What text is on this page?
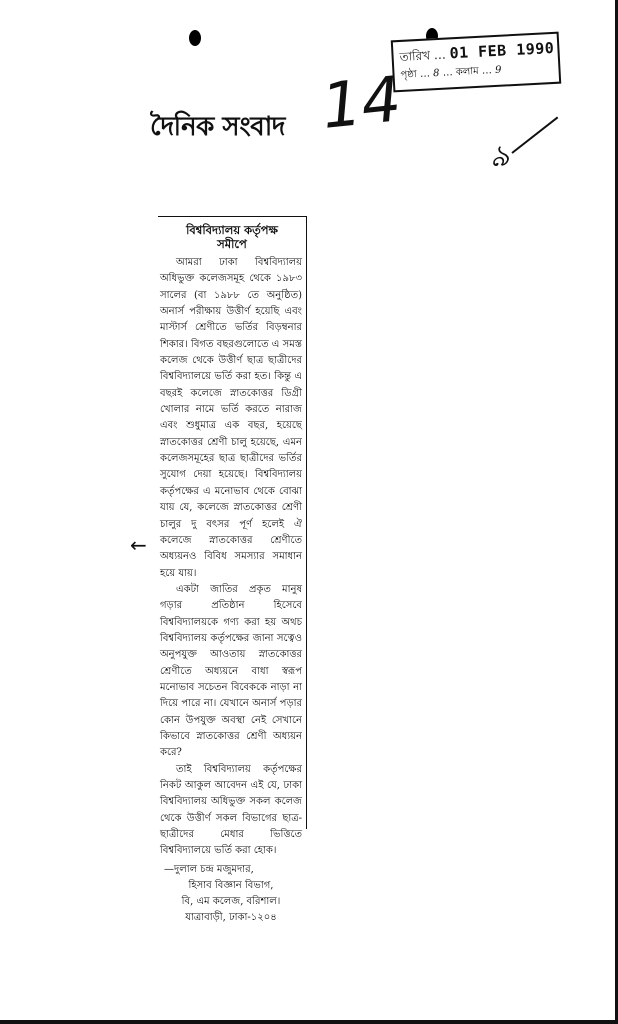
তারিখ … 01 FEB 1990
পৃষ্ঠা … 8 … কলাম … 9
দৈনিক সংবাদ 14
৯
←
বিশ্ববিদ্যালয় কর্তৃপক্ষ
সমীপে

আমরা ঢাকা বিশ্ববিদ্যালয় অধিভুক্ত কলেজসমূহ থেকে ১৯৮৩ সালের (বা ১৯৮৮ তে অনুষ্ঠিত) অনার্স পরীক্ষায় উত্তীর্ণ হয়েছি এবং মাস্টার্স শ্রেণীতে ভর্তির বিড়ম্বনার শিকার। বিগত বছরগুলোতে এ সমস্ত কলেজ থেকে উত্তীর্ণ ছাত্র ছাত্রীদের বিশ্ববিদ্যালয়ে ভর্তি করা হত। কিন্তু এ বছরই কলেজে স্নাতকোত্তর ডিগ্রী খোলার নামে ভর্তি করতে নারাজ এবং শুধুমাত্র এক বছর, হয়েছে স্নাতকোত্তর শ্রেণী চালু হয়েছে, এমন কলেজসমূহের ছাত্র ছাত্রীদের ভর্তির সুযোগ দেয়া হয়েছে। বিশ্ববিদ্যালয় কর্তৃপক্ষের এ মনোভাব থেকে বোঝা যায় যে, কলেজে স্নাতকোত্তর শ্রেণী চালুর দু বৎসর পূর্ণ হলেই ঐ কলেজে স্নাতকোত্তর শ্রেণীতে অধ্যয়নও বিবিধ সমস্যার সমাধান হয়ে যায়।

একটা জাতির প্রকৃত মানুষ গড়ার প্রতিষ্ঠান হিসেবে বিশ্ববিদ্যালয়কে গণ্য করা হয় অথচ বিশ্ববিদ্যালয় কর্তৃপক্ষের জানা সত্বেও অনুপযুক্ত আওতায় স্নাতকোত্তর শ্রেণীতে অধ্যয়নে বাধা স্বরূপ মনোভাব সচেতন বিবেককে নাড়া না দিয়ে পারে না। যেখানে অনার্স পড়ার কোন উপযুক্ত অবস্থা নেই সেখানে কিভাবে স্নাতকোত্তর শ্রেণী অধ্যয়ন করে?

তাই বিশ্ববিদ্যালয় কর্তৃপক্ষের নিকট আকুল আবেদন এই যে, ঢাকা বিশ্ববিদ্যালয় অধিভুক্ত সকল কলেজ থেকে উত্তীর্ণ সকল বিভাগের ছাত্র-ছাত্রীদের মেধার ভিত্তিতে বিশ্ববিদ্যালয়ে ভর্তি করা হোক।

—দুলাল চন্দ্র মজুমদার,
হিসাব বিজ্ঞান বিভাগ,
বি, এম কলেজ, বরিশাল।
যাত্রাবাড়ী, ঢাকা-১২০৪
